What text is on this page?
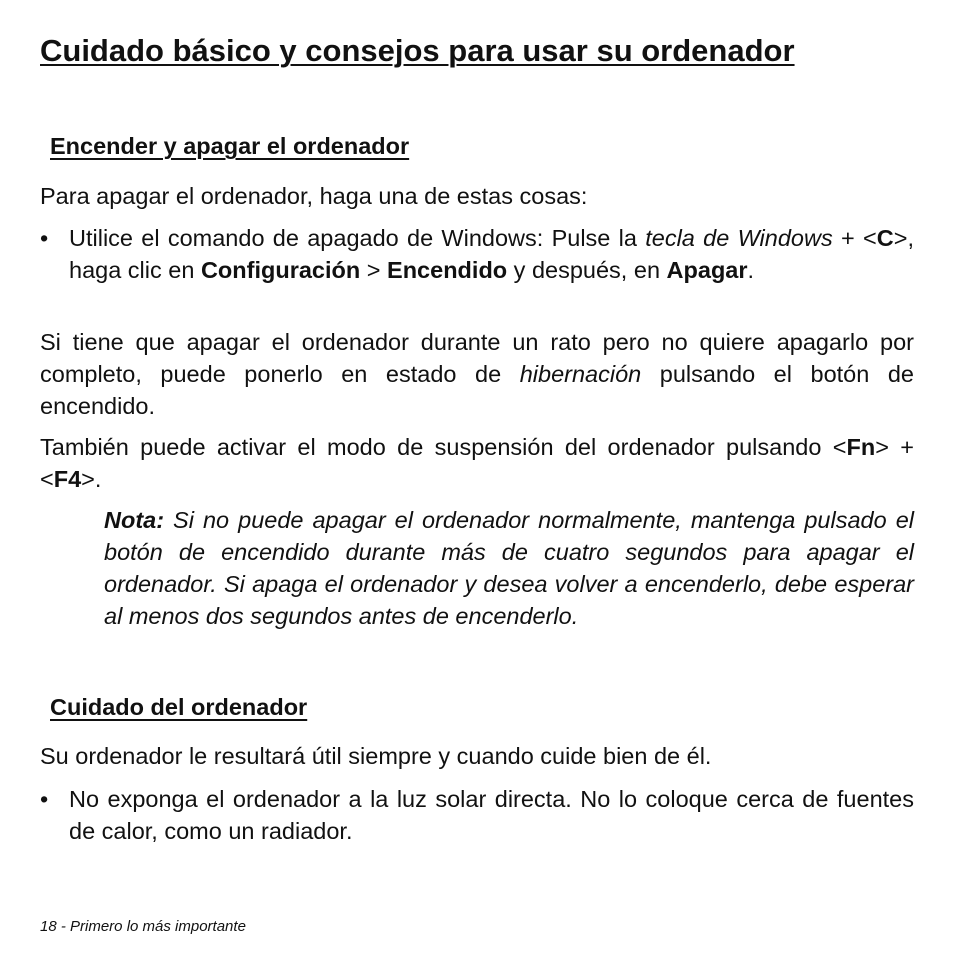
Cuidado básico y consejos para usar su ordenador
Encender y apagar el ordenador

Para apagar el ordenador, haga una de estas cosas:

• Utilice el comando de apagado de Windows: Pulse la tecla de Windows + <C>, haga clic en Configuración > Encendido y después, en Apagar.

Si tiene que apagar el ordenador durante un rato pero no quiere apagarlo por completo, puede ponerlo en estado de hibernación pulsando el botón de encendido.

También puede activar el modo de suspensión del ordenador pulsando <Fn> + <F4>.

Nota: Si no puede apagar el ordenador normalmente, mantenga pulsado el botón de encendido durante más de cuatro segundos para apagar el ordenador. Si apaga el ordenador y desea volver a encenderlo, debe esperar al menos dos segundos antes de encenderlo.

Cuidado del ordenador

Su ordenador le resultará útil siempre y cuando cuide bien de él.

• No exponga el ordenador a la luz solar directa. No lo coloque cerca de fuentes de calor, como un radiador.
18 - Primero lo más importante
